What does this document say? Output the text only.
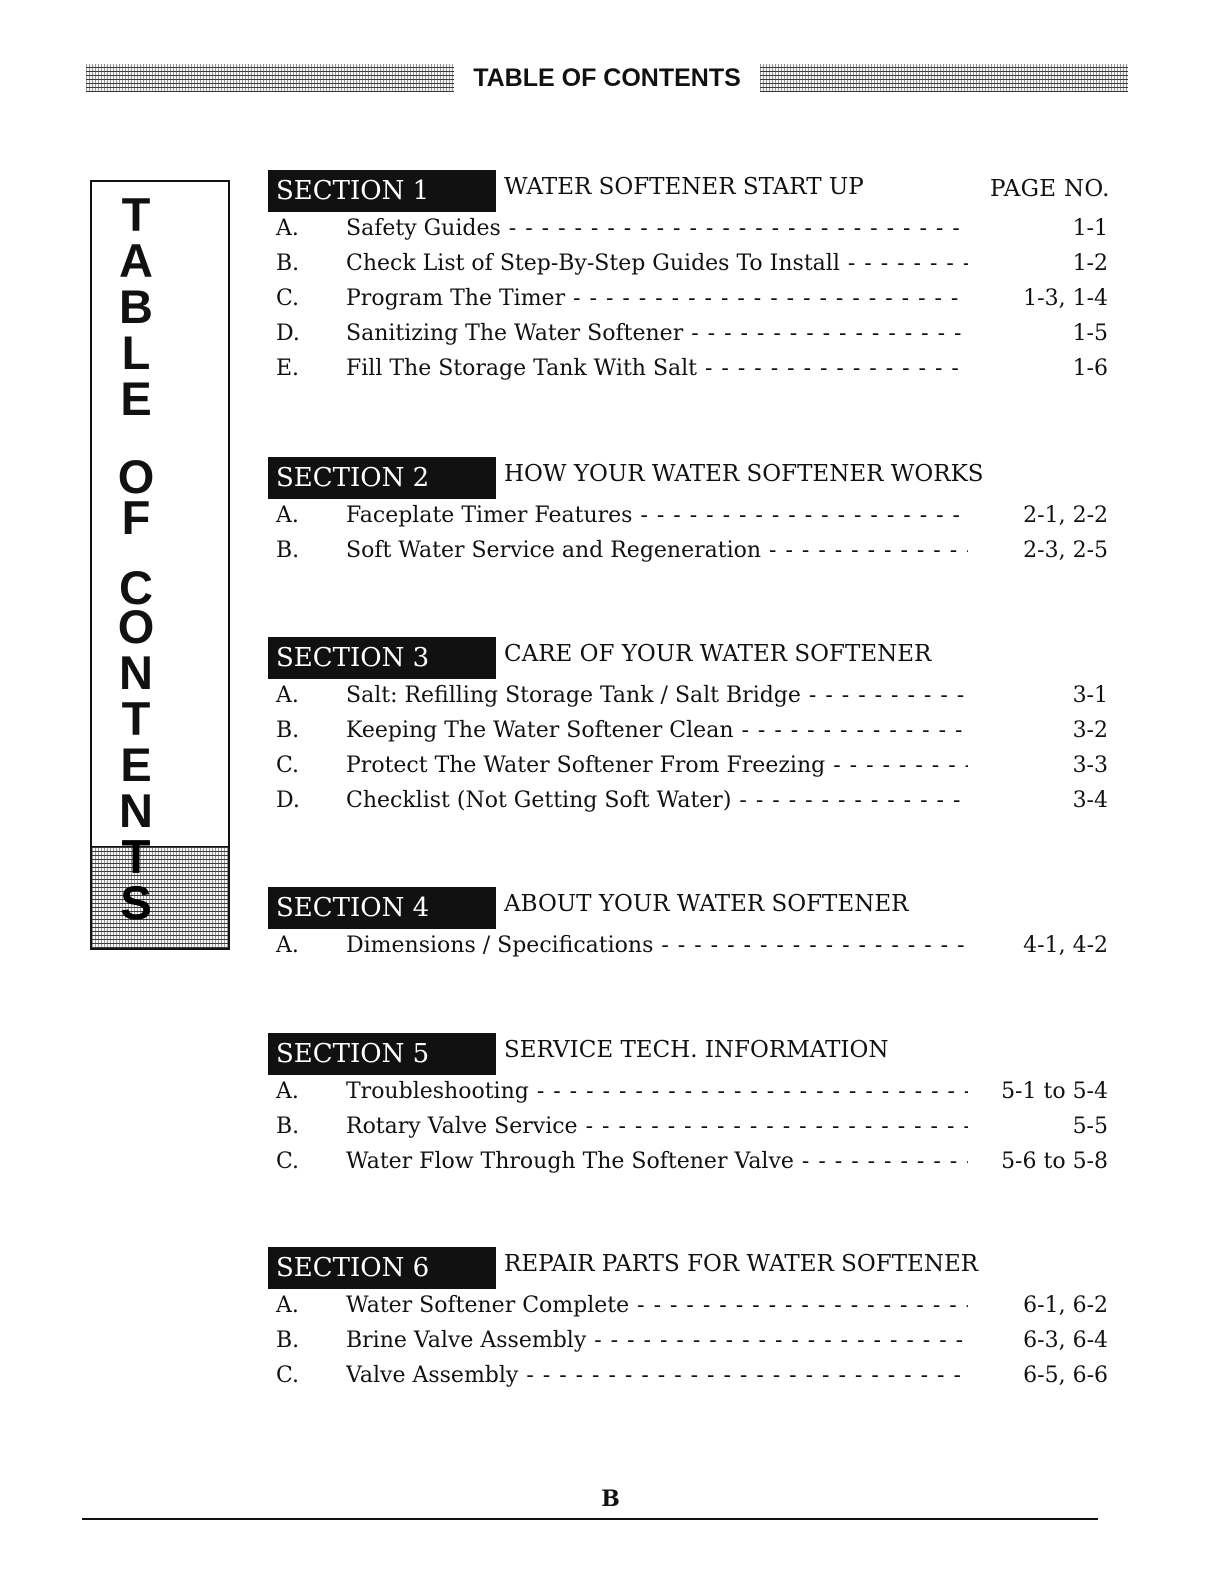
TABLE OF CONTENTS
T
A
B
L
E
O
F
C
O
N
T
E
N
T
S
PAGE NO.
SECTION 1	WATER SOFTENER START UP
A. Safety Guides - - -	1-1
B. Check List of Step-By-Step Guides To Install - - -	1-2
C. Program The Timer - - -	1-3, 1-4
D. Sanitizing The Water Softener - - -	1-5
E. Fill The Storage Tank With Salt - - -	1-6
SECTION 2	HOW YOUR WATER SOFTENER WORKS
A. Faceplate Timer Features - - -	2-1, 2-2
B. Soft Water Service and Regeneration - - -	2-3, 2-5
SECTION 3	CARE OF YOUR WATER SOFTENER
A. Salt: Refilling Storage Tank / Salt Bridge - - -	3-1
B. Keeping The Water Softener Clean - - -	3-2
C. Protect The Water Softener From Freezing - - -	3-3
D. Checklist (Not Getting Soft Water) - - -	3-4
SECTION 4	ABOUT YOUR WATER SOFTENER
A. Dimensions / Specifications - - -	4-1, 4-2
SECTION 5	SERVICE TECH. INFORMATION
A. Troubleshooting - - -	5-1 to 5-4
B. Rotary Valve Service - - -	5-5
C. Water Flow Through The Softener Valve - - -	5-6 to 5-8
SECTION 6	REPAIR PARTS FOR WATER SOFTENER
A. Water Softener Complete - - -	6-1, 6-2
B. Brine Valve Assembly - - -	6-3, 6-4
C. Valve Assembly - - -	6-5, 6-6
B
